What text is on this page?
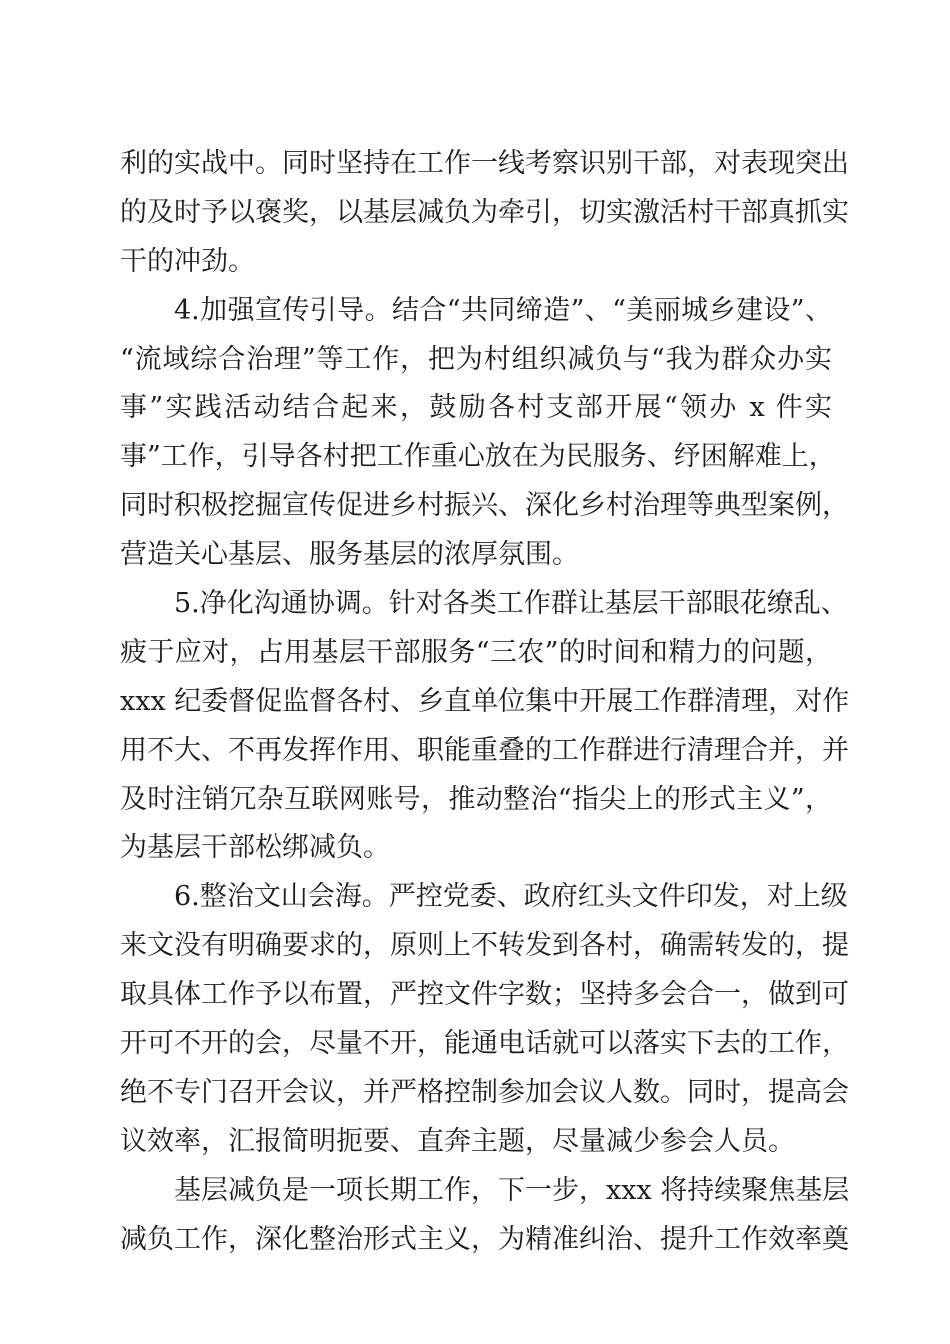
利的实战中。同时坚持在工作一线考察识别干部，对表现突出
的及时予以褒奖，以基层减负为牵引，切实激活村干部真抓实
干的冲劲。
4.加强宣传引导。结合“共同缔造”、“美丽城乡建设”、
“流域综合治理”等工作，把为村组织减负与“我为群众办实
事”实践活动结合起来，鼓励各村支部开展“领办 x 件实
事”工作，引导各村把工作重心放在为民服务、纾困解难上，
同时积极挖掘宣传促进乡村振兴、深化乡村治理等典型案例，
营造关心基层、服务基层的浓厚氛围。
5.净化沟通协调。针对各类工作群让基层干部眼花缭乱、
疲于应对，占用基层干部服务“三农”的时间和精力的问题，
xxx 纪委督促监督各村、乡直单位集中开展工作群清理，对作
用不大、不再发挥作用、职能重叠的工作群进行清理合并，并
及时注销冗杂互联网账号，推动整治“指尖上的形式主义”，
为基层干部松绑减负。
6.整治文山会海。严控党委、政府红头文件印发，对上级
来文没有明确要求的，原则上不转发到各村，确需转发的，提
取具体工作予以布置，严控文件字数；坚持多会合一，做到可
开可不开的会，尽量不开，能通电话就可以落实下去的工作，
绝不专门召开会议，并严格控制参加会议人数。同时，提高会
议效率，汇报简明扼要、直奔主题，尽量减少参会人员。
基层减负是一项长期工作，下一步，xxx 将持续聚焦基层
减负工作，深化整治形式主义，为精准纠治、提升工作效率奠
